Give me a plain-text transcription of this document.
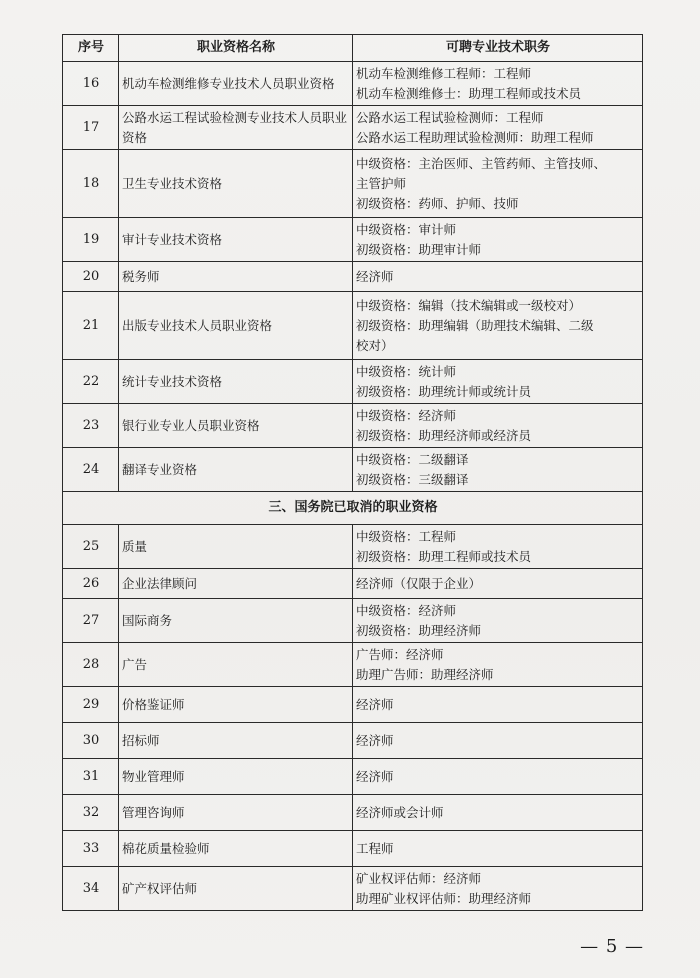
序号	职业资格名称	可聘专业技术职务
16	机动车检测维修专业技术人员职业资格	机动车检测维修工程师：工程师
机动车检测维修士：助理工程师或技术员

17	公路水运工程试验检测专业技术人员职业资格	公路水运工程试验检测师：工程师
公路水运工程助理试验检测师：助理工程师

18	卫生专业技术资格	中级资格：主治医师、主管药师、主管技师、
主管护师
初级资格：药师、护师、技师

19	审计专业技术资格	中级资格：审计师
初级资格：助理审计师

20	税务师	经济师

21	出版专业技术人员职业资格	中级资格：编辑（技术编辑或一级校对）
初级资格：助理编辑（助理技术编辑、二级
校对）

22	统计专业技术资格	中级资格：统计师
初级资格：助理统计师或统计员

23	银行业专业人员职业资格	中级资格：经济师
初级资格：助理经济师或经济员

24	翻译专业资格	中级资格：二级翻译
初级资格：三级翻译

三、国务院已取消的职业资格		
25	质量	中级资格：工程师
初级资格：助理工程师或技术员

26	企业法律顾问	经济师（仅限于企业）

27	国际商务	中级资格：经济师
初级资格：助理经济师

28	广告	广告师：经济师
助理广告师：助理经济师

29	价格鉴证师	经济师

30	招标师	经济师

31	物业管理师	经济师

32	管理咨询师	经济师或会计师

33	棉花质量检验师	工程师

34	矿产权评估师	矿业权评估师：经济师
助理矿业权评估师：助理经济师
— 5 —
